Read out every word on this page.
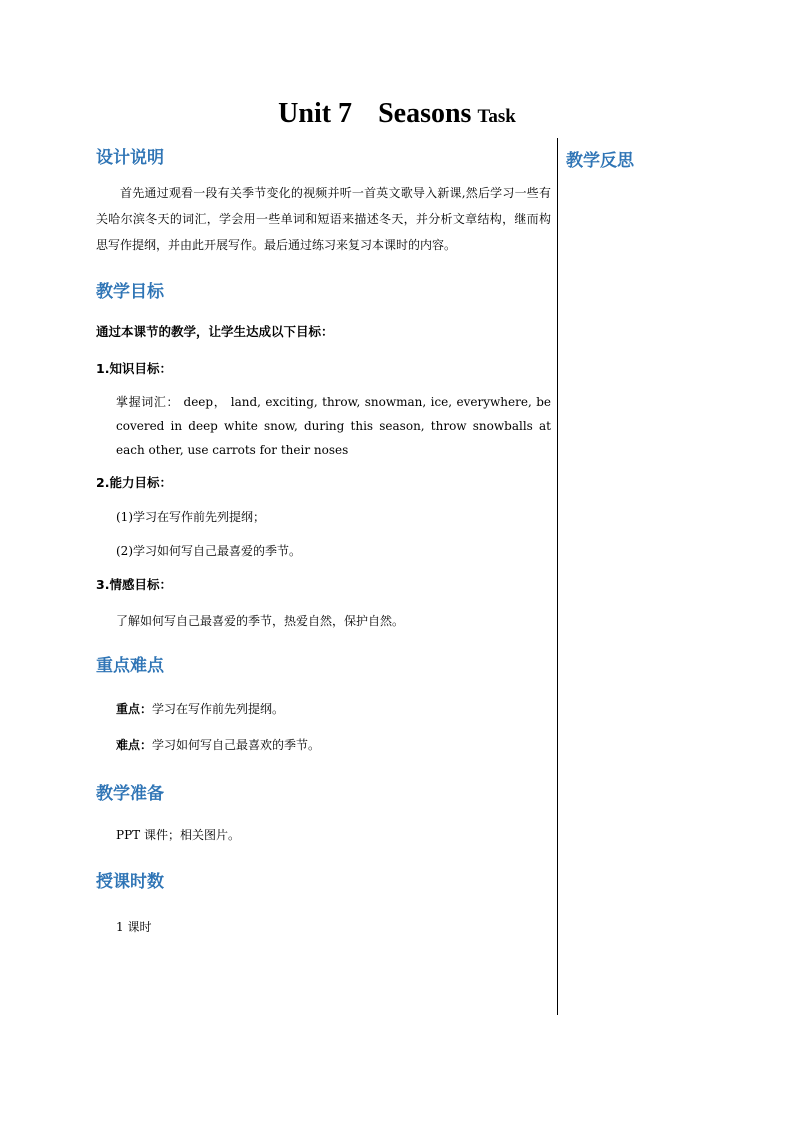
Unit 7 Seasons Task
教学反思
设计说明
首先通过观看一段有关季节变化的视频并听一首英文歌导入新课,然后学习一些有关哈尔滨冬天的词汇，学会用一些单词和短语来描述冬天，并分析文章结构，继而构思写作提纲，并由此开展写作。最后通过练习来复习本课时的内容。
教学目标
通过本课节的教学，让学生达成以下目标：
1.知识目标：
掌握词汇： deep， land, exciting, throw, snowman, ice, everywhere, be covered in deep white snow, during this season, throw snowballs at each other, use carrots for their noses
2.能力目标：
(1)学习在写作前先列提纲；
(2)学习如何写自己最喜爱的季节。
3.情感目标：
了解如何写自己最喜爱的季节，热爱自然，保护自然。
重点难点
重点：学习在写作前先列提纲。
难点：学习如何写自己最喜欢的季节。
教学准备
PPT 课件；相关图片。
授课时数
1 课时
